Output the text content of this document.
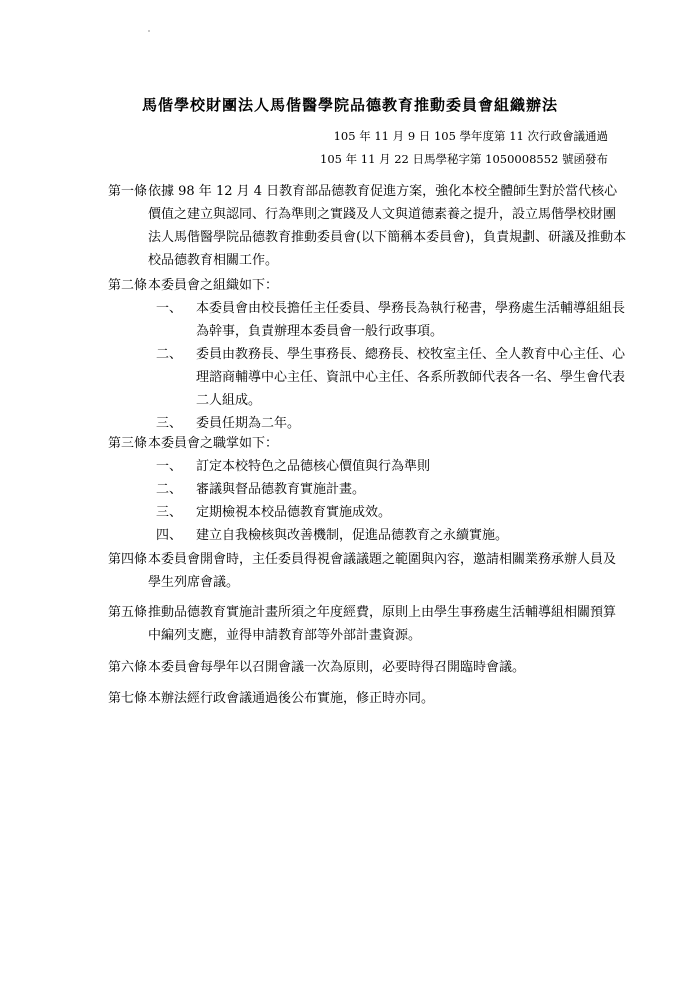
馬偕學校財團法人馬偕醫學院品德教育推動委員會組織辦法
105 年 11 月 9 日 105 學年度第 11 次行政會議通過
105 年 11 月 22 日馬學秘字第 1050008552 號函發布
第一條 依據 98 年 12 月 4 日教育部品德教育促進方案，強化本校全體師生對於當代核心價值之建立與認同、行為準則之實踐及人文與道德素養之提升，設立馬偕學校財團法人馬偕醫學院品德教育推動委員會(以下簡稱本委員會)，負責規劃、研議及推動本校品德教育相關工作。

第二條 本委員會之組織如下：

一、 本委員會由校長擔任主任委員、學務長為執行秘書，學務處生活輔導組組長為幹事，負責辦理本委員會一般行政事項。

二、 委員由教務長、學生事務長、總務長、校牧室主任、全人教育中心主任、心理諮商輔導中心主任、資訊中心主任、各系所教師代表各一名、學生會代表二人組成。

三、 委員任期為二年。

第三條 本委員會之職掌如下：

一、 訂定本校特色之品德核心價值與行為準則

二、 審議與督品德教育實施計畫。

三、 定期檢視本校品德教育實施成效。

四、 建立自我檢核與改善機制，促進品德教育之永續實施。

第四條 本委員會開會時，主任委員得視會議議題之範圍與內容，邀請相關業務承辦人員及學生列席會議。

第五條 推動品德教育實施計畫所須之年度經費，原則上由學生事務處生活輔導組相關預算中編列支應，並得申請教育部等外部計畫資源。

第六條 本委員會每學年以召開會議一次為原則，必要時得召開臨時會議。

第七條 本辦法經行政會議通過後公布實施，修正時亦同。
